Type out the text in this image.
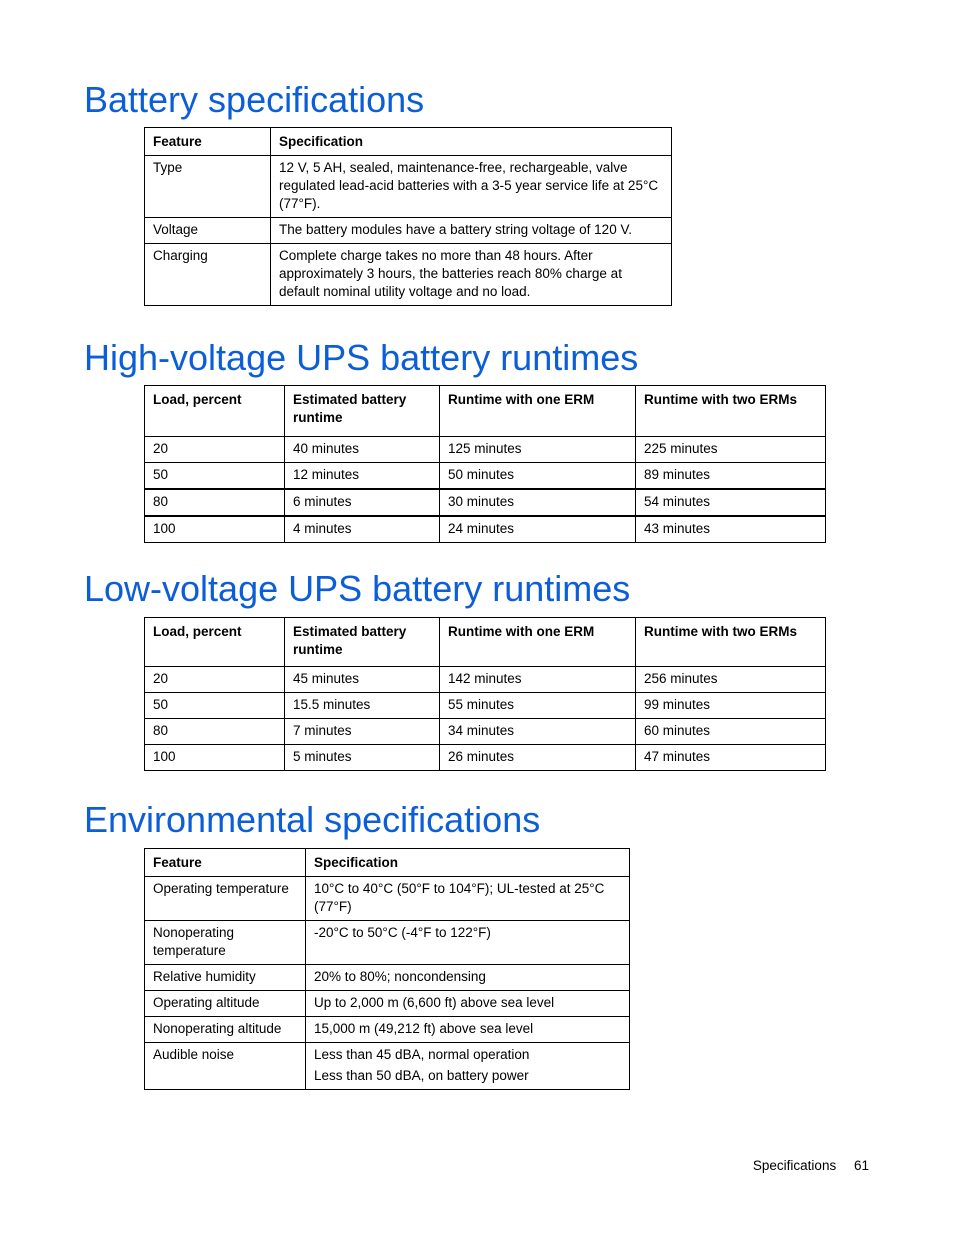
Battery specifications
Feature	Specification
Type	12 V, 5 AH, sealed, maintenance-free, rechargeable, valve regulated lead-acid batteries with a 3-5 year service life at 25°C (77°F).
Voltage	The battery modules have a battery string voltage of 120 V.
Charging	Complete charge takes no more than 48 hours. After approximately 3 hours, the batteries reach 80% charge at default nominal utility voltage and no load.
High-voltage UPS battery runtimes
Load, percent	Estimated battery runtime	Runtime with one ERM	Runtime with two ERMs
20	40 minutes	125 minutes	225 minutes
50	12 minutes	50 minutes	89 minutes
80	6 minutes	30 minutes	54 minutes
100	4 minutes	24 minutes	43 minutes
Low-voltage UPS battery runtimes
Load, percent	Estimated battery runtime	Runtime with one ERM	Runtime with two ERMs
20	45 minutes	142 minutes	256 minutes
50	15.5 minutes	55 minutes	99 minutes
80	7 minutes	34 minutes	60 minutes
100	5 minutes	26 minutes	47 minutes
Environmental specifications
Feature	Specification
Operating temperature	10°C to 40°C (50°F to 104°F); UL-tested at 25°C (77°F)
Nonoperating temperature	-20°C to 50°C (-4°F to 122°F)
Relative humidity	20% to 80%; noncondensing
Operating altitude	Up to 2,000 m (6,600 ft) above sea level
Nonoperating altitude	15,000 m (49,212 ft) above sea level
Audible noise	Less than 45 dBA, normal operation
Less than 50 dBA, on battery power
Specifications 61
